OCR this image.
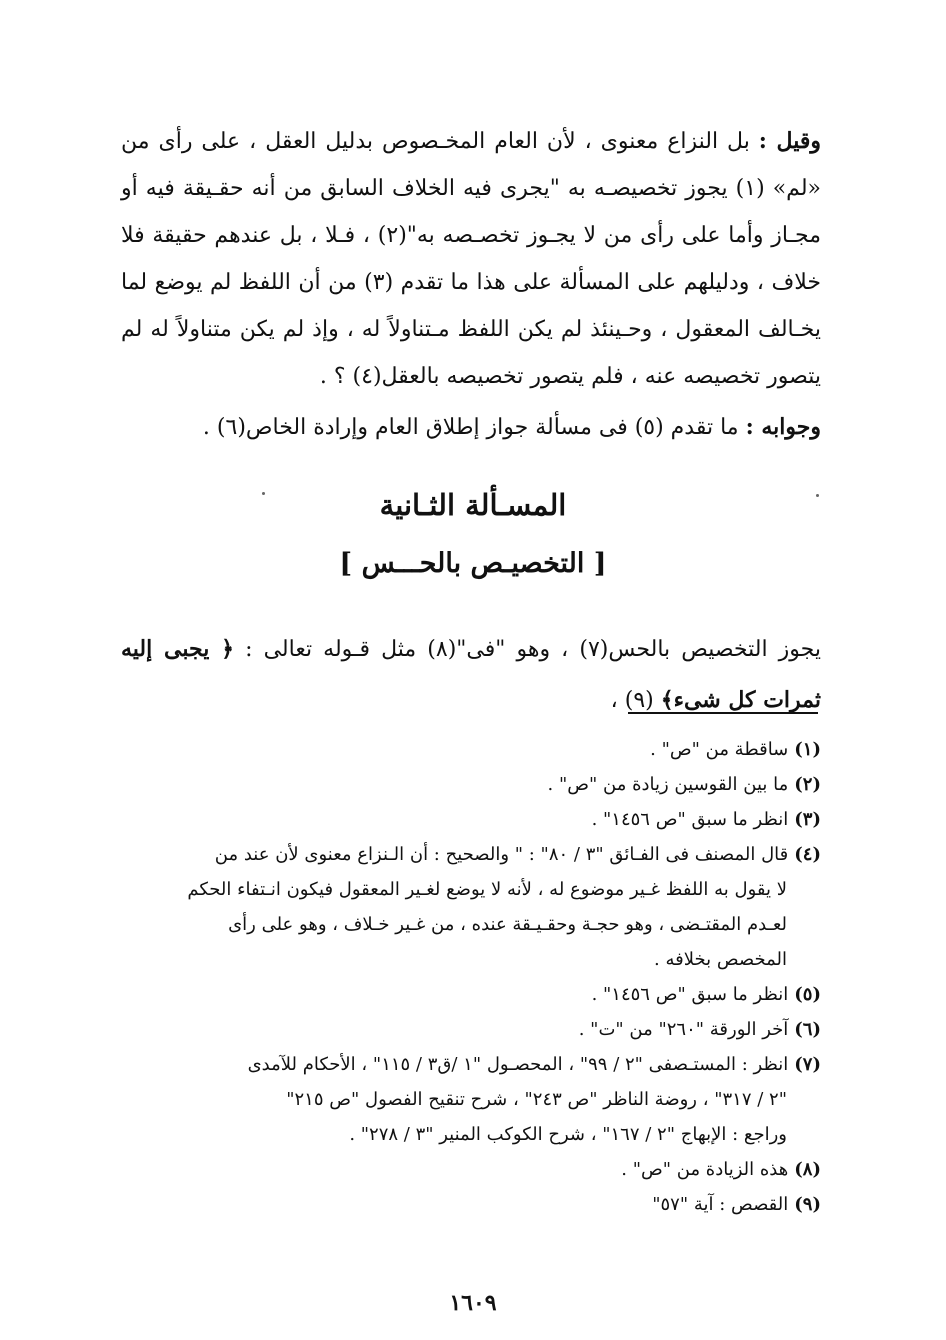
وقيل : بل النزاع معنوى ، لأن العام المخـصوص بدليل العقل ، على رأى من «لم» (١) يجوز تخصيصـه به "يجرى فيه الخلاف السابق من أنه حقـيقة فيه أو مجـاز وأما على رأى من لا يجـوز تخصـصه به"(٢) ، فـلا ، بل عندهم حقيقة فلا خلاف ، ودليلهم على المسألة على هذا ما تقدم (٣) من أن اللفظ لم يوضع لما يخـالف المعقول ، وحـينئذ لم يكن اللفظ مـتناولاً له ، وإذ لم يكن متناولاً له لم يتصور تخصيصه عنه ، فلم يتصور تخصيصه بالعقل(٤) ؟ .

وجوابه : ما تقدم (٥) فى مسألة جواز إطلاق العام وإرادة الخاص(٦) .

المسـألة الثـانية
[ التخصيـص بالحـــس ]

يجوز التخصيص بالحس(٧) ، وهو "فى"(٨) مثل قـوله تعالى : ﴿ يجبى إليه ثمرات كل شىء﴾ (٩) ،

(١)ساقطة من "ص" .

(٢)ما بين القوسين زيادة من "ص" .

(٣)انظر ما سبق "ص ١٤٥٦" .

(٤)قال المصنف فى الفـائق "٣ / ٨٠" : " والصحيح : أن الـنزاع معنوى لأن عند من
لا يقول به اللفظ غـير موضوع له ، لأنه لا يوضع لغـير المعقول فيكون انـتفاء الحكم
لعـدم المقتـضى ، وهو حجـة وحقـيـقة عنده ، من غـير خـلاف ، وهو على رأى
المخصص بخلافه .

(٥)انظر ما سبق "ص ١٤٥٦" .

(٦)آخر الورقة "٢٦٠" من "ت" .

(٧)انظر : المستـصفى "٢ / ٩٩" ، المحصـول "١ /ق٣ / ١١٥" ، الأحكام للآمدى
"٢ / ٣١٧" ، روضة الناظر "ص ٢٤٣" ، شرح تنقيح الفصول "ص ٢١٥"
وراجع : الإبهاج "٢ / ١٦٧" ، شرح الكوكب المنير "٣ / ٢٧٨" .

(٨)هذه الزيادة من "ص" .

(٩)القصص : آية "٥٧"

١٦٠٩
